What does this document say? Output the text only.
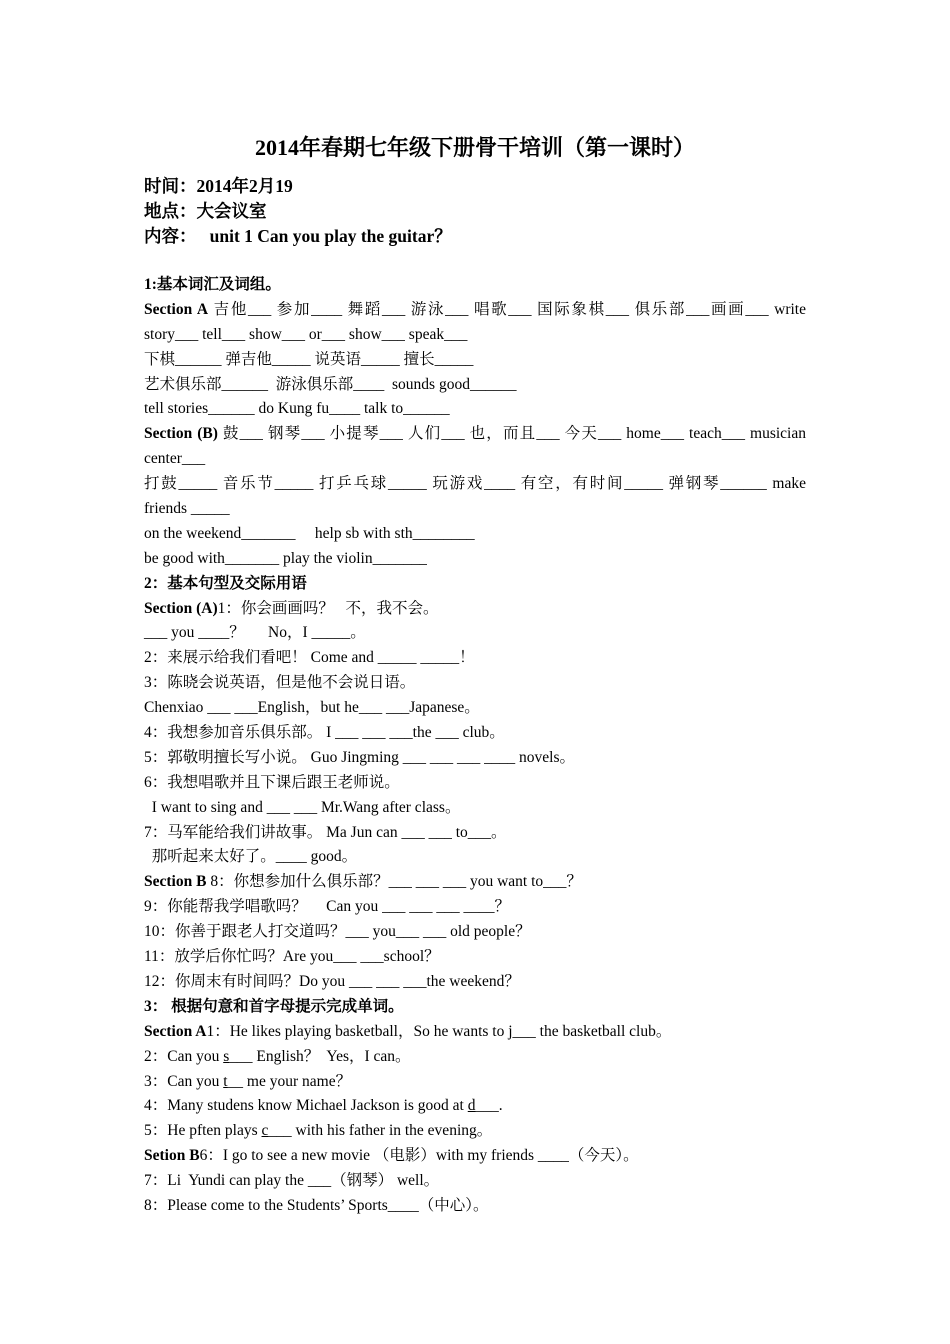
2014年春期七年级下册骨干培训（第一课时）
时间：2014年2月19
地点：大会议室
内容：   unit 1 Can you play the guitar？
1:基本词汇及词组。
Section A 吉他___ 参加____ 舞蹈___ 游泳___ 唱歌___ 国际象棋___ 俱乐部___画画___ write
story___ tell___ show___ or___ show___ speak___
下棋______ 弹吉他_____ 说英语_____ 擅长_____
艺术俱乐部______  游泳俱乐部____  sounds good______
tell stories______ do Kung fu____ talk to______
Section (B) 鼓___ 钢琴___ 小提琴___ 人们___ 也，而且___ 今天___ home___ teach___ musician
center___
打鼓_____ 音乐节_____ 打乒乓球_____ 玩游戏____ 有空，有时间_____ 弹钢琴______ make
friends _____
on the weekend_______     help sb with sth________
be good with_______ play the violin_______
2：基本句型及交际用语
Section (A)1：你会画画吗？   不，我不会。
___ you ____？      No，I _____。
2：来展示给我们看吧！ Come and _____ _____！
3：陈晓会说英语，但是他不会说日语。
Chenxiao ___ ___English，but he___ ___Japanese。
4：我想参加音乐俱乐部。 I ___ ___ ___the ___ club。
5：郭敬明擅长写小说。 Guo Jingming ___ ___ ___ ____ novels。
6：我想唱歌并且下课后跟王老师说。
I want to sing and ___ ___ Mr.Wang after class。
7：马军能给我们讲故事。 Ma Jun can ___ ___ to___。
那听起来太好了。____ good。
Section B 8：你想参加什么俱乐部？___ ___ ___ you want to___？
9：你能帮我学唱歌吗？     Can you ___ ___ ___ ____？
10：你善于跟老人打交道吗？___ you___ ___ old people？
11：放学后你忙吗？Are you___ ___school？
12：你周末有时间吗？Do you ___ ___ ___the weekend？
3： 根据句意和首字母提示完成单词。
Section A1：He likes playing basketball，So he wants to j___ the basketball club。
2：Can you s___ English？  Yes，I can。
3：Can you t__ me your name？
4：Many studens know Michael Jackson is good at d___.
5：He pften plays c___ with his father in the evening。
Setion B6：I go to see a new movie （电影）with my friends ____（今天）。
7：Li  Yundi can play the ___（钢琴） well。
8：Please come to the Students’ Sports____（中心）。
